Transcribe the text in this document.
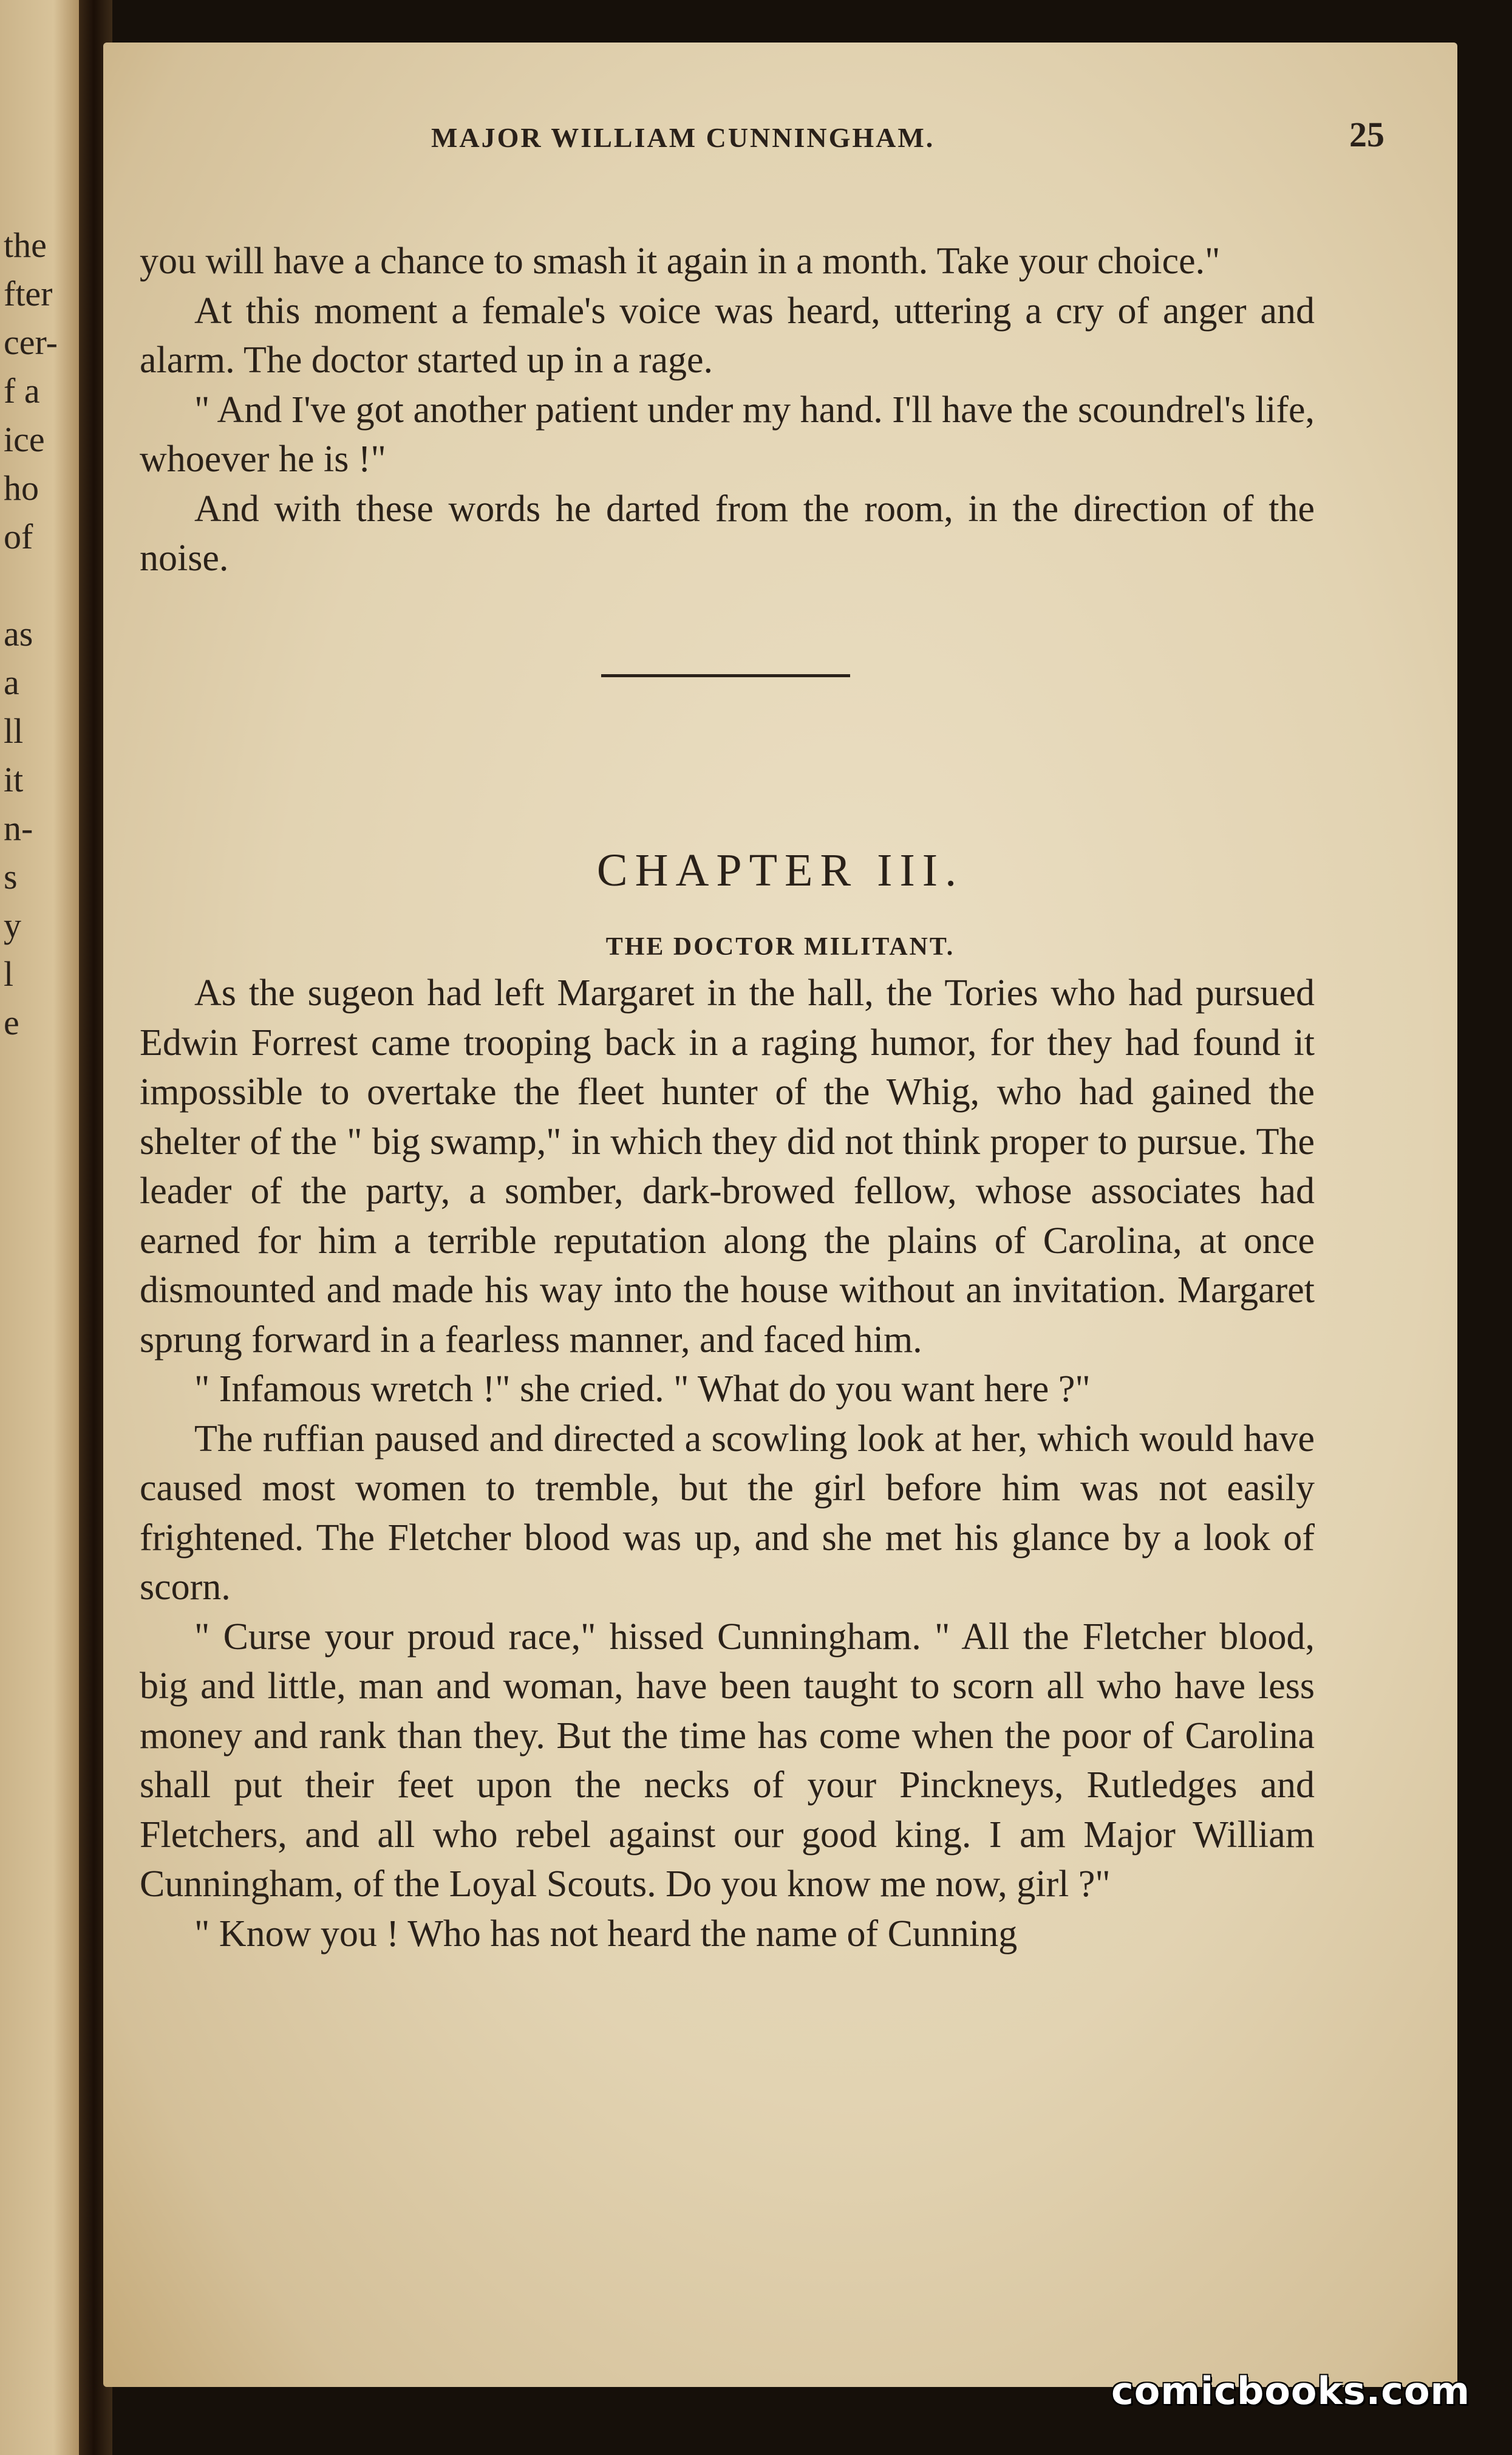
the
fter
cer-
f a
ice
ho
of
as
a
ll
it
n-
s
y
l
e
MAJOR WILLIAM CUNNINGHAM.	25

you will have a chance to smash it again in a month. Take your choice."

At this moment a female's voice was heard, uttering a cry of anger and alarm. The doctor started up in a rage.

" And I've got another patient under my hand. I'll have the scoundrel's life, whoever he is !"

And with these words he darted from the room, in the direction of the noise.

CHAPTER III.
THE DOCTOR MILITANT.

As the sugeon had left Margaret in the hall, the Tories who had pursued Edwin Forrest came trooping back in a raging humor, for they had found it impossible to overtake the fleet hunter of the Whig, who had gained the shelter of the " big swamp," in which they did not think proper to pursue. The leader of the party, a somber, dark-browed fellow, whose associates had earned for him a terrible reputation along the plains of Carolina, at once dismounted and made his way into the house without an invitation. Margaret sprung forward in a fearless manner, and faced him.

" Infamous wretch !" she cried. " What do you want here ?"

The ruffian paused and directed a scowling look at her, which would have caused most women to tremble, but the girl before him was not easily frightened. The Fletcher blood was up, and she met his glance by a look of scorn.

" Curse your proud race," hissed Cunningham. " All the Fletcher blood, big and little, man and woman, have been taught to scorn all who have less money and rank than they. But the time has come when the poor of Carolina shall put their feet upon the necks of your Pinckneys, Rutledges and Fletchers, and all who rebel against our good king. I am Major William Cunningham, of the Loyal Scouts. Do you know me now, girl ?"

" Know you ! Who has not heard the name of Cunning

comicbooks.com
